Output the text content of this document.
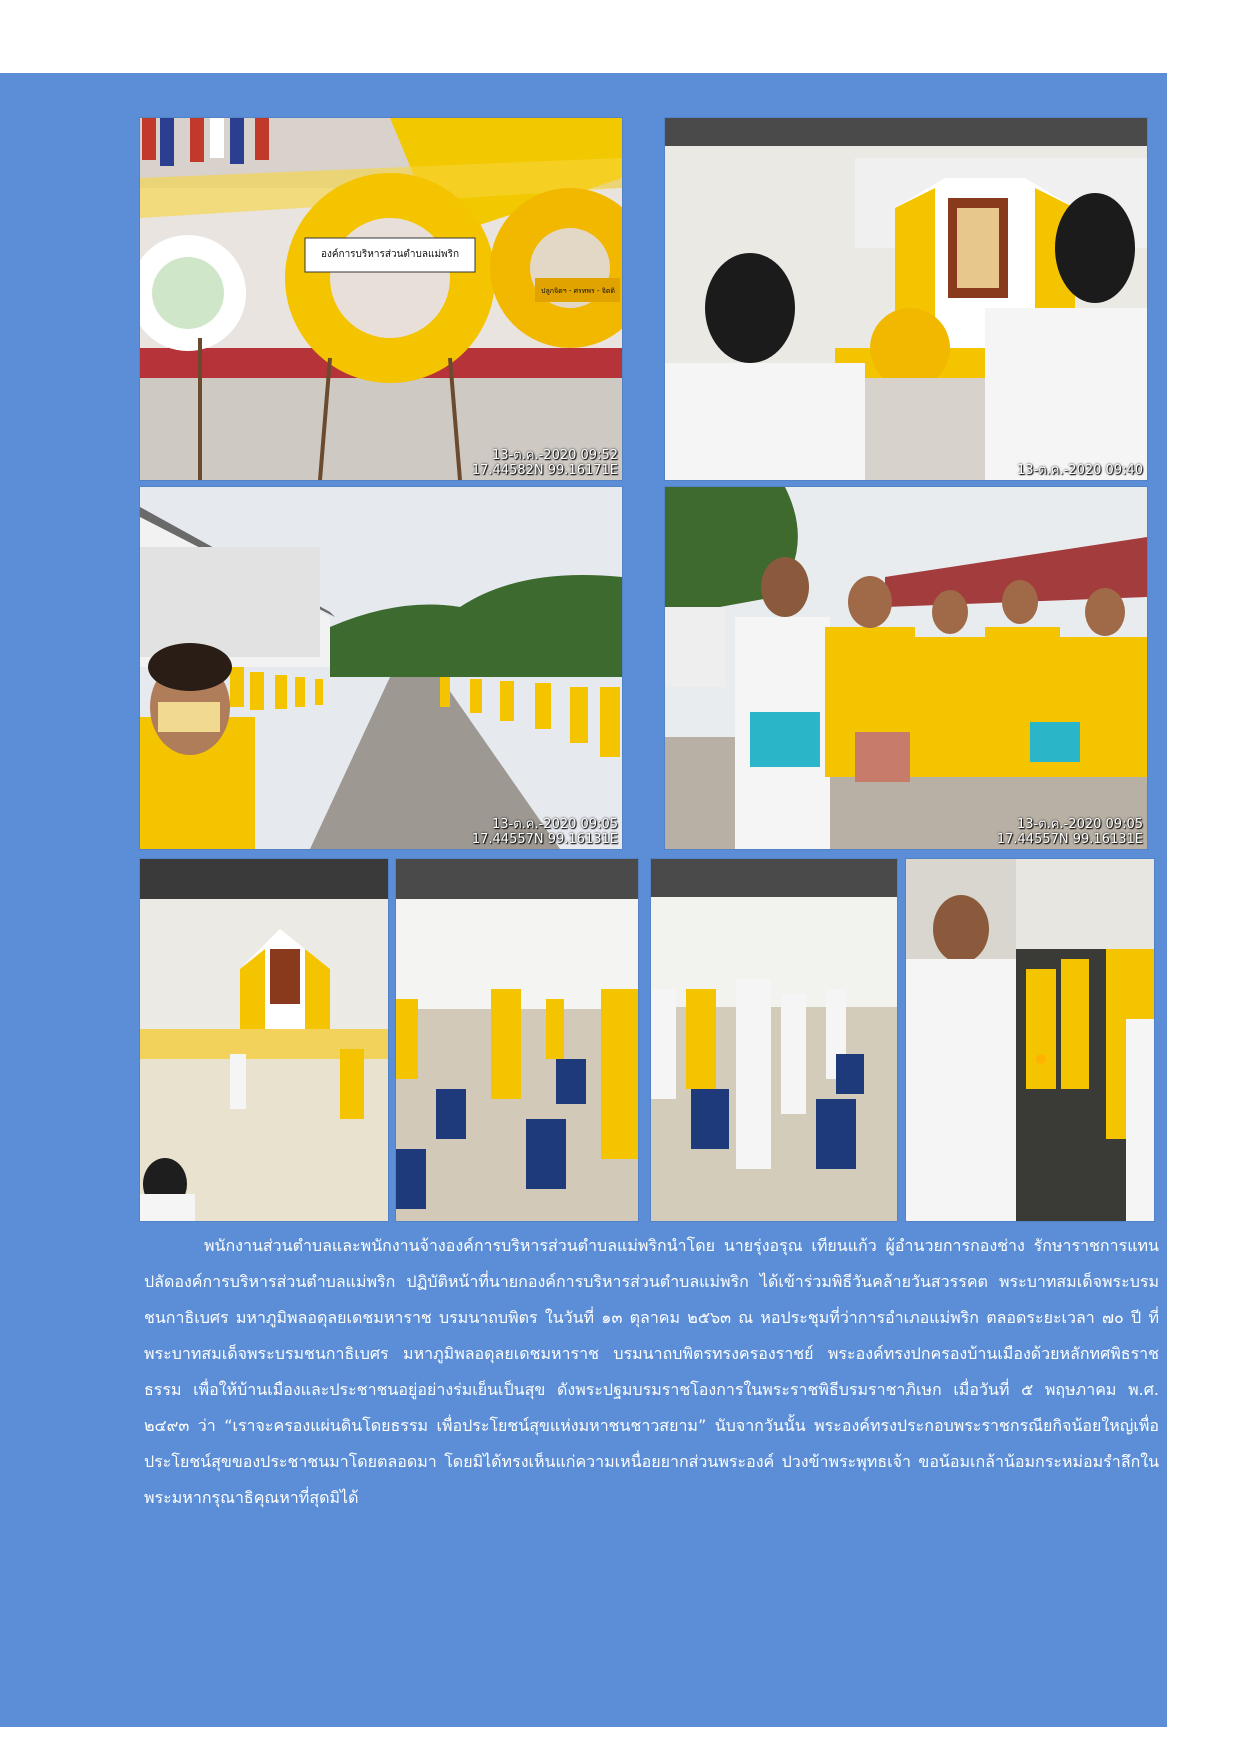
องค์การบริหารส่วนตำบลแม่พริก
ปลูกจิตฯ - ศรทพร - จิตติ
13-ต.ค.-2020 09:52
17.44582N 99.16171E	13-ต.ค.-2020 09:40
13-ต.ค.-2020 09:05
17.44557N 99.16131E
13-ต.ค.-2020 09:05
17.44557N 99.16131E

พนักงานส่วนตำบลและพนักงานจ้างองค์การบริหารส่วนตำบลแม่พริกนำโดย นายรุ่งอรุณ เทียนแก้ว ผู้อำนวยการกองช่าง รักษาราชการแทนปลัดองค์การบริหารส่วนตำบลแม่พริก ปฏิบัติหน้าที่นายกองค์การบริหารส่วนตำบลแม่พริก ได้เข้าร่วมพิธีวันคล้ายวันสวรรคต พระบาทสมเด็จพระบรมชนกาธิเบศร มหาภูมิพลอดุลยเดชมหาราช บรมนาถบพิตร ในวันที่ ๑๓ ตุลาคม ๒๕๖๓ ณ หอประชุมที่ว่าการอำเภอแม่พริก ตลอดระยะเวลา ๗๐ ปี ที่พระบาทสมเด็จพระบรมชนกาธิเบศร มหาภูมิพลอดุลยเดชมหาราช บรมนาถบพิตรทรงครองราชย์ พระองค์ทรงปกครองบ้านเมืองด้วยหลักทศพิธราชธรรม เพื่อให้บ้านเมืองและประชาชนอยู่อย่างร่มเย็นเป็นสุข ดังพระปฐมบรมราชโองการในพระราชพิธีบรมราชาภิเษก เมื่อวันที่ ๕ พฤษภาคม พ.ศ. ๒๔๙๓ ว่า “เราจะครองแผ่นดินโดยธรรม เพื่อประโยชน์สุขแห่งมหาชนชาวสยาม” นับจากวันนั้น พระองค์ทรงประกอบพระราชกรณียกิจน้อยใหญ่เพื่อประโยชน์สุขของประชาชนมาโดยตลอดมา โดยมิได้ทรงเห็นแก่ความเหนื่อยยากส่วนพระองค์ ปวงข้าพระพุทธเจ้า ขอน้อมเกล้าน้อมกระหม่อมรำลึกในพระมหากรุณาธิคุณหาที่สุดมิได้
